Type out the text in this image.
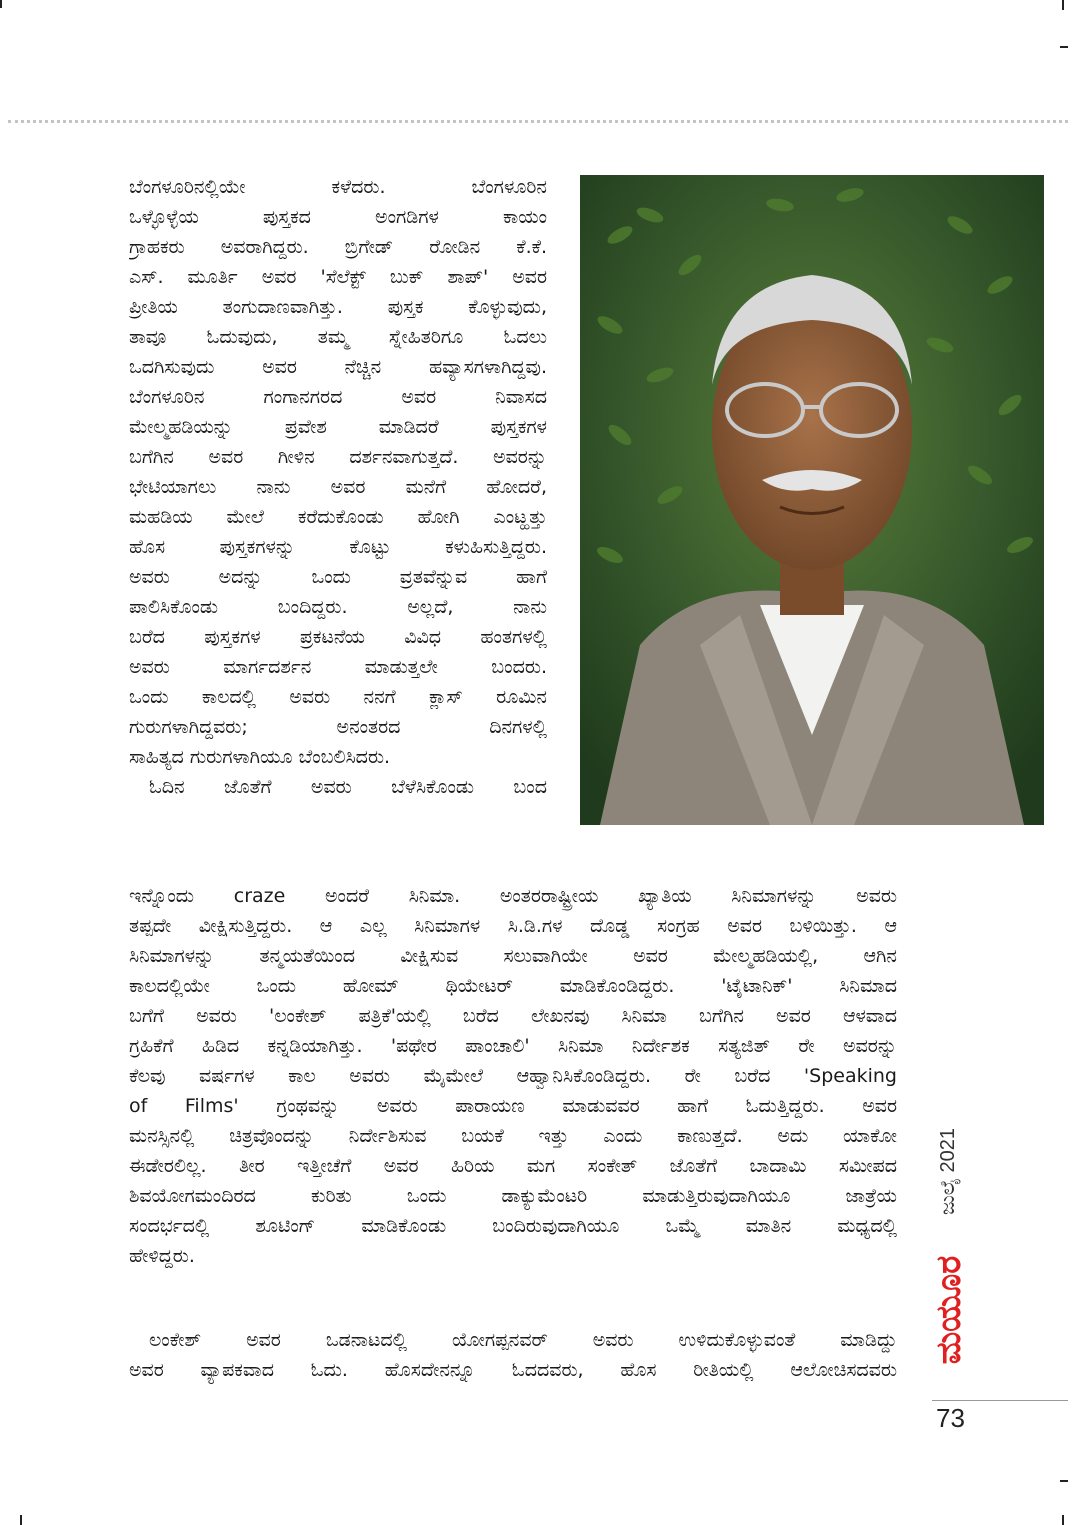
ಬೆಂಗಳೂರಿನಲ್ಲಿಯೇ ಕಳೆದರು. ಬೆಂಗಳೂರಿನ
ಒಳ್ಳೊಳ್ಳೆಯ ಪುಸ್ತಕದ ಅಂಗಡಿಗಳ ಕಾಯಂ
ಗ್ರಾಹಕರು ಅವರಾಗಿದ್ದರು. ಬ್ರಿಗೇಡ್ ರೋಡಿನ ಕೆ.ಕೆ.
ಎಸ್. ಮೂರ್ತಿ ಅವರ 'ಸೆಲೆಕ್ಟ್ ಬುಕ್ ಶಾಪ್' ಅವರ
ಪ್ರೀತಿಯ ತಂಗುದಾಣವಾಗಿತ್ತು. ಪುಸ್ತಕ ಕೊಳ್ಳುವುದು,
ತಾವೂ ಓದುವುದು, ತಮ್ಮ ಸ್ನೇಹಿತರಿಗೂ ಓದಲು
ಒದಗಿಸುವುದು ಅವರ ನೆಚ್ಚಿನ ಹವ್ಯಾಸಗಳಾಗಿದ್ದವು.
ಬೆಂಗಳೂರಿನ ಗಂಗಾನಗರದ ಅವರ ನಿವಾಸದ
ಮೇಲ್ಮಹಡಿಯನ್ನು ಪ್ರವೇಶ ಮಾಡಿದರೆ ಪುಸ್ತಕಗಳ
ಬಗೆಗಿನ ಅವರ ಗೀಳಿನ ದರ್ಶನವಾಗುತ್ತದೆ. ಅವರನ್ನು
ಭೇಟಿಯಾಗಲು ನಾನು ಅವರ ಮನೆಗೆ ಹೋದರೆ,
ಮಹಡಿಯ ಮೇಲೆ ಕರೆದುಕೊಂಡು ಹೋಗಿ ಎಂಟ್ಹತ್ತು
ಹೊಸ ಪುಸ್ತಕಗಳನ್ನು ಕೊಟ್ಟು ಕಳುಹಿಸುತ್ತಿದ್ದರು.
ಅವರು ಅದನ್ನು ಒಂದು ವ್ರತವೆನ್ನುವ ಹಾಗೆ
ಪಾಲಿಸಿಕೊಂಡು ಬಂದಿದ್ದರು. ಅಲ್ಲದೆ, ನಾನು
ಬರೆದ ಪುಸ್ತಕಗಳ ಪ್ರಕಟನೆಯ ವಿವಿಧ ಹಂತಗಳಲ್ಲಿ
ಅವರು ಮಾರ್ಗದರ್ಶನ ಮಾಡುತ್ತಲೇ ಬಂದರು.
ಒಂದು ಕಾಲದಲ್ಲಿ ಅವರು ನನಗೆ ಕ್ಲಾಸ್ ರೂಮಿನ
ಗುರುಗಳಾಗಿದ್ದವರು; ಅನಂತರದ ದಿನಗಳಲ್ಲಿ
ಸಾಹಿತ್ಯದ ಗುರುಗಳಾಗಿಯೂ ಬೆಂಬಲಿಸಿದರು.
ಓದಿನ ಜೊತೆಗೆ ಅವರು ಬೆಳೆಸಿಕೊಂಡು ಬಂದ
ಇನ್ನೊಂದು craze ಅಂದರೆ ಸಿನಿಮಾ. ಅಂತರರಾಷ್ಟ್ರೀಯ ಖ್ಯಾತಿಯ ಸಿನಿಮಾಗಳನ್ನು ಅವರು
ತಪ್ಪದೇ ವೀಕ್ಷಿಸುತ್ತಿದ್ದರು. ಆ ಎಲ್ಲ ಸಿನಿಮಾಗಳ ಸಿ.ಡಿ.ಗಳ ದೊಡ್ಡ ಸಂಗ್ರಹ ಅವರ ಬಳಿಯಿತ್ತು. ಆ
ಸಿನಿಮಾಗಳನ್ನು ತನ್ಮಯತೆಯಿಂದ ವೀಕ್ಷಿಸುವ ಸಲುವಾಗಿಯೇ ಅವರ ಮೇಲ್ಮಹಡಿಯಲ್ಲಿ, ಆಗಿನ
ಕಾಲದಲ್ಲಿಯೇ ಒಂದು ಹೋಮ್ ಥಿಯೇಟರ್ ಮಾಡಿಕೊಂಡಿದ್ದರು. 'ಟೈಟಾನಿಕ್' ಸಿನಿಮಾದ
ಬಗೆಗೆ ಅವರು 'ಲಂಕೇಶ್ ಪತ್ರಿಕೆ'ಯಲ್ಲಿ ಬರೆದ ಲೇಖನವು ಸಿನಿಮಾ ಬಗೆಗಿನ ಅವರ ಆಳವಾದ
ಗ್ರಹಿಕೆಗೆ ಹಿಡಿದ ಕನ್ನಡಿಯಾಗಿತ್ತು. 'ಪಥೇರ ಪಾಂಚಾಲಿ' ಸಿನಿಮಾ ನಿರ್ದೇಶಕ ಸತ್ಯಜಿತ್ ರೇ ಅವರನ್ನು
ಕೆಲವು ವರ್ಷಗಳ ಕಾಲ ಅವರು ಮೈಮೇಲೆ ಆಹ್ವಾನಿಸಿಕೊಂಡಿದ್ದರು. ರೇ ಬರೆದ 'Speaking
of Films' ಗ್ರಂಥವನ್ನು ಅವರು ಪಾರಾಯಣ ಮಾಡುವವರ ಹಾಗೆ ಓದುತ್ತಿದ್ದರು. ಅವರ
ಮನಸ್ಸಿನಲ್ಲಿ ಚಿತ್ರವೊಂದನ್ನು ನಿರ್ದೇಶಿಸುವ ಬಯಕೆ ಇತ್ತು ಎಂದು ಕಾಣುತ್ತದೆ. ಅದು ಯಾಕೋ
ಈಡೇರಲಿಲ್ಲ. ತೀರ ಇತ್ತೀಚೆಗೆ ಅವರ ಹಿರಿಯ ಮಗ ಸಂಕೇತ್ ಜೊತೆಗೆ ಬಾದಾಮಿ ಸಮೀಪದ
ಶಿವಯೋಗಮಂದಿರದ ಕುರಿತು ಒಂದು ಡಾಕ್ಯುಮೆಂಟರಿ ಮಾಡುತ್ತಿರುವುದಾಗಿಯೂ ಜಾತ್ರೆಯ
ಸಂದರ್ಭದಲ್ಲಿ ಶೂಟಿಂಗ್ ಮಾಡಿಕೊಂಡು ಬಂದಿರುವುದಾಗಿಯೂ ಒಮ್ಮೆ ಮಾತಿನ ಮಧ್ಯದಲ್ಲಿ
ಹೇಳಿದ್ದರು.
ಲಂಕೇಶ್ ಅವರ ಒಡನಾಟದಲ್ಲಿ ಯೋಗಪ್ಪನವರ್ ಅವರು ಉಳಿದುಕೊಳ್ಳುವಂತೆ ಮಾಡಿದ್ದು
ಅವರ ವ್ಯಾಪಕವಾದ ಓದು. ಹೊಸದೇನನ್ನೂ ಓದದವರು, ಹೊಸ ರೀತಿಯಲ್ಲಿ ಆಲೋಚಿಸದವರು
ಜುಲೈ 2021
ಮಯೂರ
73
